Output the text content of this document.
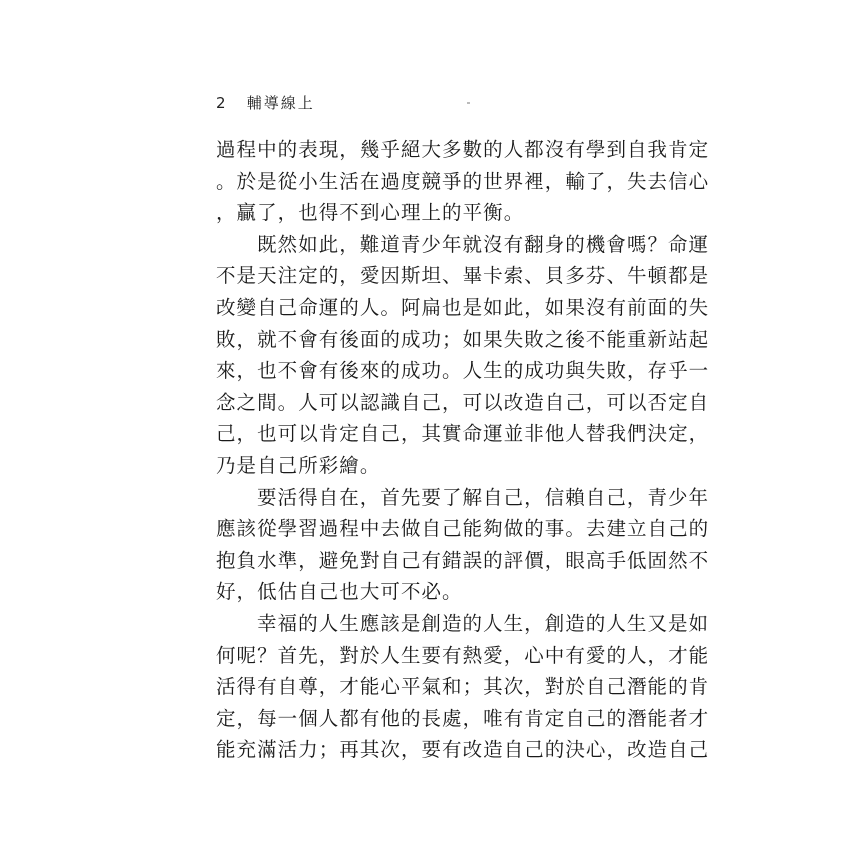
2 輔導線上
過程中的表現，幾乎絕大多數的人都沒有學到自我肯定
。於是從小生活在過度競爭的世界裡，輸了，失去信心
，贏了，也得不到心理上的平衡。
既然如此，難道青少年就沒有翻身的機會嗎？命運
不是天注定的，愛因斯坦、畢卡索、貝多芬、牛頓都是
改變自己命運的人。阿扁也是如此，如果沒有前面的失
敗，就不會有後面的成功；如果失敗之後不能重新站起
來，也不會有後來的成功。人生的成功與失敗，存乎一
念之間。人可以認識自己，可以改造自己，可以否定自
己，也可以肯定自己，其實命運並非他人替我們決定，
乃是自己所彩繪。
要活得自在，首先要了解自己，信賴自己，青少年
應該從學習過程中去做自己能夠做的事。去建立自己的
抱負水準，避免對自己有錯誤的評價，眼高手低固然不
好，低估自己也大可不必。
幸福的人生應該是創造的人生，創造的人生又是如
何呢？首先，對於人生要有熱愛，心中有愛的人，才能
活得有自尊，才能心平氣和；其次，對於自己潛能的肯
定，每一個人都有他的長處，唯有肯定自己的潛能者才
能充滿活力；再其次，要有改造自己的決心，改造自己
